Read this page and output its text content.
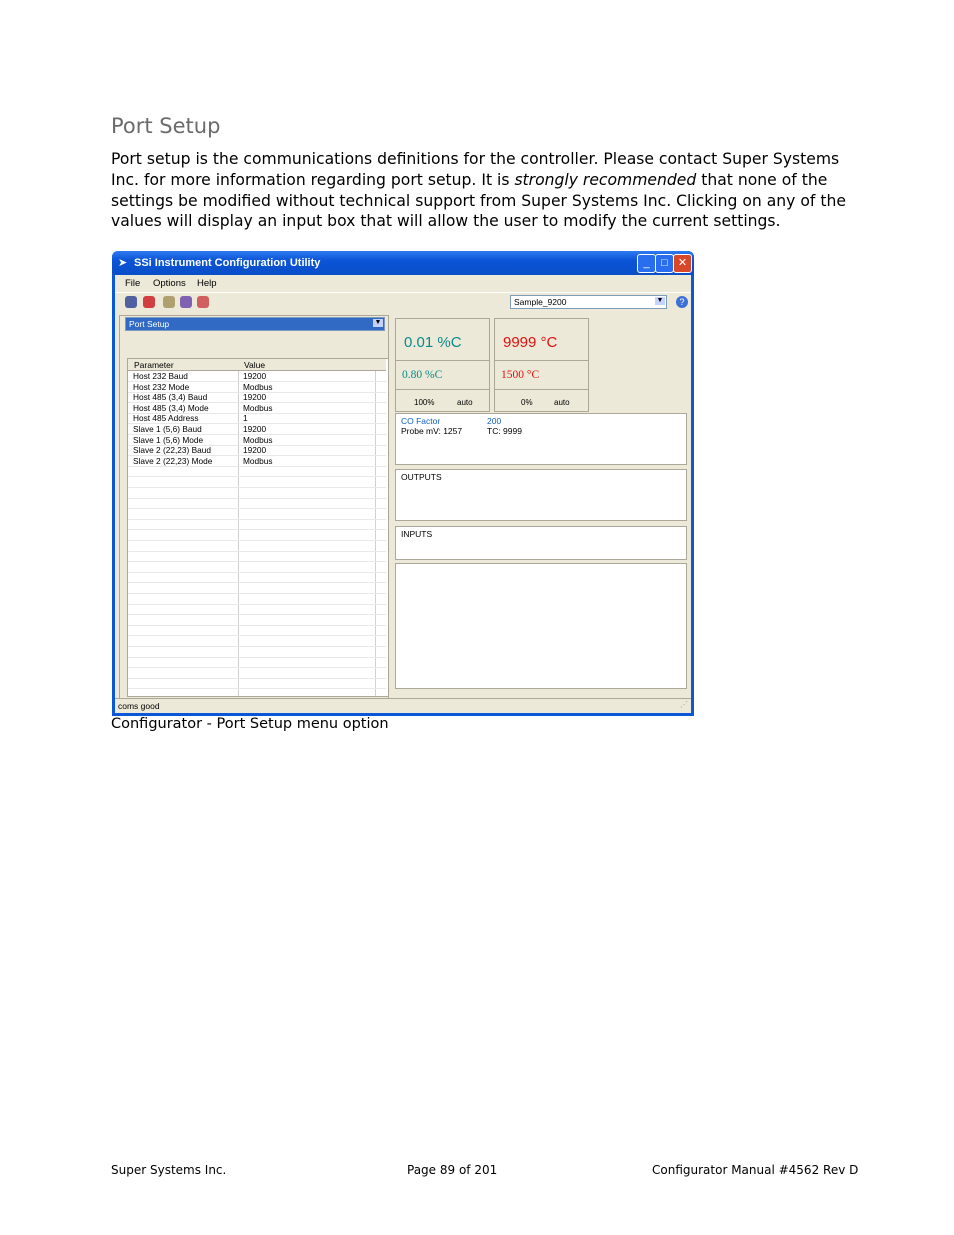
Port Setup

Port setup is the communications definitions for the controller. Please contact Super Systems Inc. for more information regarding port setup. It is strongly recommended that none of the settings be modified without technical support from Super Systems Inc. Clicking on any of the values will display an input box that will allow the user to modify the current settings.

➤ SSi Instrument Configuration Utility	_	□ ✕
File Options Help
Sample_9200	▼	?
Port Setup	▼
Parameter	Value
Host 232 Baud	19200
Host 232 Mode	Modbus
Host 485 (3,4) Baud	19200
Host 485 (3,4) Mode	Modbus
Host 485 Address	1
Slave 1 (5,6) Baud	19200
Slave 1 (5,6) Mode	Modbus
Slave 2 (22,23) Baud	19200
Slave 2 (22,23) Mode	Modbus
0.01 %C
0.80 %C
100%	auto
9999 °C
1500 °C
0%	auto
CO Factor	200
Probe mV: 1257	TC: 9999
OUTPUTS
INPUTS
coms good	⋰
Configurator - Port Setup menu option
Super Systems Inc.	Page 89 of 201	Configurator Manual #4562 Rev D
